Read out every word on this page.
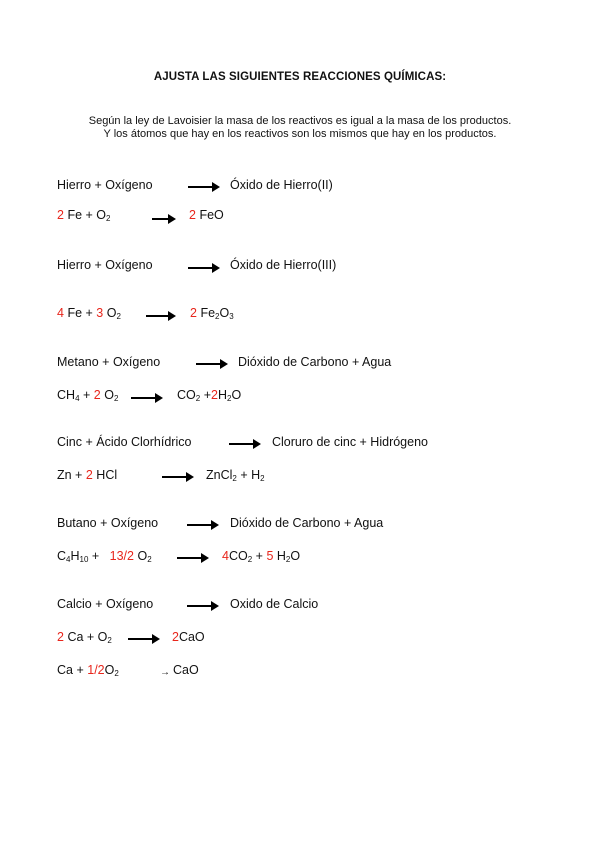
AJUSTA LAS SIGUIENTES REACCIONES QUÍMICAS:
Según la ley de Lavoisier la masa de los reactivos es igual a la masa de los productos.
Y los átomos que hay en los reactivos son los mismos que hay en los productos.
Hierro + Oxígeno	Óxido de Hierro(II)
2 $Fe + O_2$	2 FeO
Hierro + Oxígeno	Óxido de Hierro(III)
4 Fe + 3 $O_2$	2 $Fe_2O_3$
Metano + Oxígeno	Dióxido de Carbono + Agua
$CH_4 + 2$ $O_2$	$CO_2 +2H_2O$
Cinc + Ácido Clorhídrico	Cloruro de cinc + Hidrógeno
Zn + 2 HCl	ZnCl$_2$ + $H_2$
Butano + Oxígeno	Dióxido de Carbono + Agua
$C_4H_{10} + 13/2$ $O_2$	$4CO_2 + 5$ $H_2O$
Calcio + Oxígeno	Oxido de Calcio
2 $Ca + O_2$	2CaO
$Ca + 1/2O_2$	→ CaO
